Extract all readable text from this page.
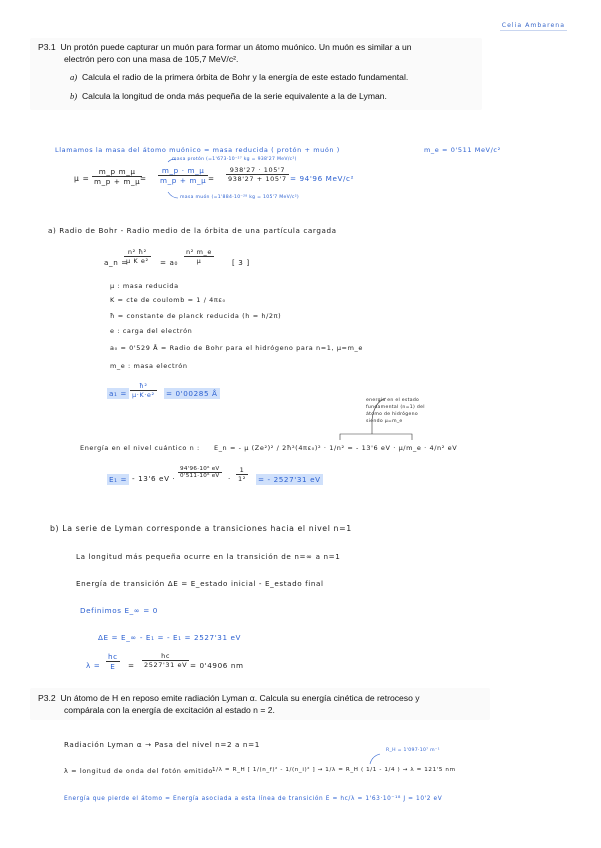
Celia Ambarena
P3.1 Un protón puede capturar un muón para formar un átomo muónico. Un muón es similar a un
electrón pero con una masa de 105,7 MeV/c².
a) Calcula el radio de la primera órbita de Bohr y la energía de este estado fundamental.
b) Calcula la longitud de onda más pequeña de la serie equivalente a la de Lyman.
Llamamos la masa del átomo muónico = masa reducida ( protón + muón )	m_e = 0'511 MeV/c²
masa protón (=1'673·10⁻²⁷ kg = 938'27 MeV/c²)
$\mu = \frac{\text{m\_p m\_μ}}{m\_p + m\_\mu}$
= $\frac{m\_p \cdot m\_\mu}{m\_p + m\_\mu} = \frac{938'27 \cdot 105'7}{938'27 + 105'7} = 94'96$ MeV/c²
masa muón (=1'884·10⁻²⁸ kg = 105'7 MeV/c²)
a) Radio de Bohr - Radio medio de la órbita de una partícula cargada
a_n =
$\frac{\text{n² ħ²}}{\text{μ K e²}} = a_0 \frac{\text{n² m\_e}}{\mu}$	[ 3 ]
μ : masa reducida
K = cte de coulomb = 1 / 4πε₀
ħ = constante de planck reducida (h = h/2π)
e : carga del electrón
a₀ = 0'529 Å = Radio de Bohr para el hidrógeno para n=1, μ=m_e
m_e : masa electrón
$a_1 = \frac{\text{ħ²}}{\text{μ·K·e²}} = 0'00285$ Å
energía en el estado
fundamental (n=1) del
átomo de hidrógeno
siendo μ=m_e
Energía en el nivel cuántico n : E_n = - μ (Ze²)² / 2ħ²(4πε₀)² · 1/n² = - 13'6 eV · μ/m_e · 4/n² eV
E₁ = - 13'6 eV · $\frac{\text{94'96·10⁶ eV}}{\text{0'511·10⁶ eV}} \cdot \frac{1}{\text{1²}}$ = - 2527'31 eV
b) La serie de Lyman corresponde a transiciones hacia el nivel n=1
La longitud más pequeña ocurre en la transición de n=∞ a n=1
Energía de transición ΔE = E_estado inicial - E_estado final
Definimos E_∞ = 0
ΔE = E_∞ - E₁ = - E₁ = 2527'31 eV
$\lambda = \frac{hc}{E} = \frac{hc}{2527'31 eV} = 0'4906$ nm
P3.2 Un átomo de H en reposo emite radiación Lyman α. Calcula su energía cinética de retroceso y
compárala con la energía de excitación al estado n = 2.
Radiación Lyman α → Pasa del nivel n=2 a n=1
R_H = 1'097·10⁷ m⁻¹
λ = longitud de onda del fotón emitido 1/λ = R_H [ 1/(n_f)² - 1/(n_i)² ] → 1/λ = R_H ( 1/1 - 1/4 ) → λ = 121'5 nm
Energía que pierde el átomo = Energía asociada a esta línea de transición E = hc/λ = 1'63·10⁻¹⁸ J = 10'2 eV
